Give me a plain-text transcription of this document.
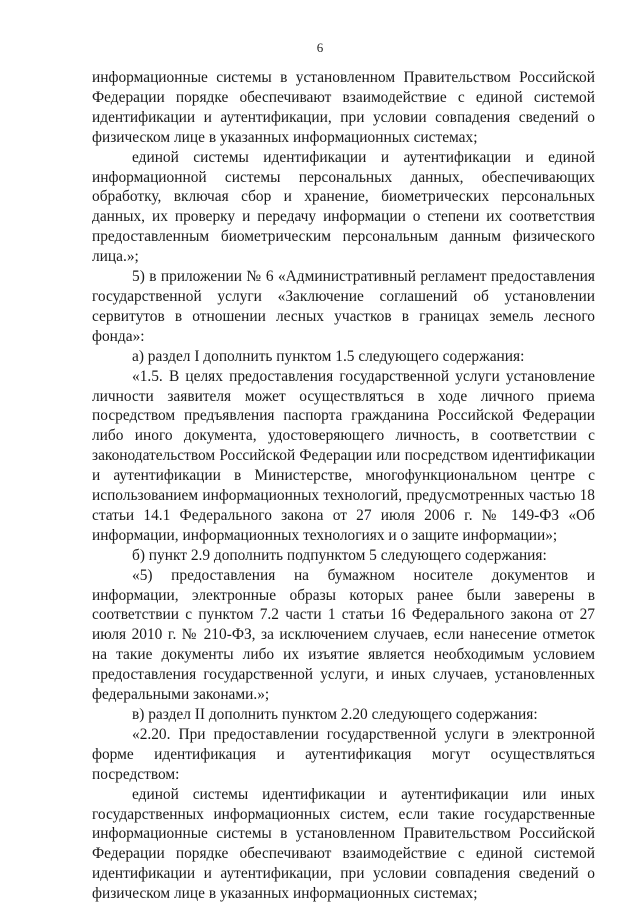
6

информационные системы в установленном Правительством Российской Федерации порядке обеспечивают взаимодействие с единой системой идентификации и аутентификации, при условии совпадения сведений о физическом лице в указанных информационных системах;

единой системы идентификации и аутентификации и единой информационной системы персональных данных, обеспечивающих обработку, включая сбор и хранение, биометрических персональных данных, их проверку и передачу информации о степени их соответствия предоставленным биометрическим персональным данным физического лица.»;

5) в приложении № 6 «Административный регламент предоставления государственной услуги «Заключение соглашений об установлении сервитутов в отношении лесных участков в границах земель лесного фонда»:

а) раздел I дополнить пунктом 1.5 следующего содержания:

«1.5. В целях предоставления государственной услуги установление личности заявителя может осуществляться в ходе личного приема посредством предъявления паспорта гражданина Российской Федерации либо иного документа, удостоверяющего личность, в соответствии с законодательством Российской Федерации или посредством идентификации и аутентификации в Министерстве, многофункциональном центре с использованием информационных технологий, предусмотренных частью 18 статьи 14.1 Федерального закона от 27 июля 2006 г. № 149-ФЗ «Об информации, информационных технологиях и о защите информации»;

б) пункт 2.9 дополнить подпунктом 5 следующего содержания:

«5) предоставления на бумажном носителе документов и информации, электронные образы которых ранее были заверены в соответствии с пунктом 7.2 части 1 статьи 16 Федерального закона от 27 июля 2010 г. № 210-ФЗ, за исключением случаев, если нанесение отметок на такие документы либо их изъятие является необходимым условием предоставления государственной услуги, и иных случаев, установленных федеральными законами.»;

в) раздел II дополнить пунктом 2.20 следующего содержания:

«2.20. При предоставлении государственной услуги в электронной форме идентификация и аутентификация могут осуществляться посредством:

единой системы идентификации и аутентификации или иных государственных информационных систем, если такие государственные информационные системы в установленном Правительством Российской Федерации порядке обеспечивают взаимодействие с единой системой идентификации и аутентификации, при условии совпадения сведений о физическом лице в указанных информационных системах;
